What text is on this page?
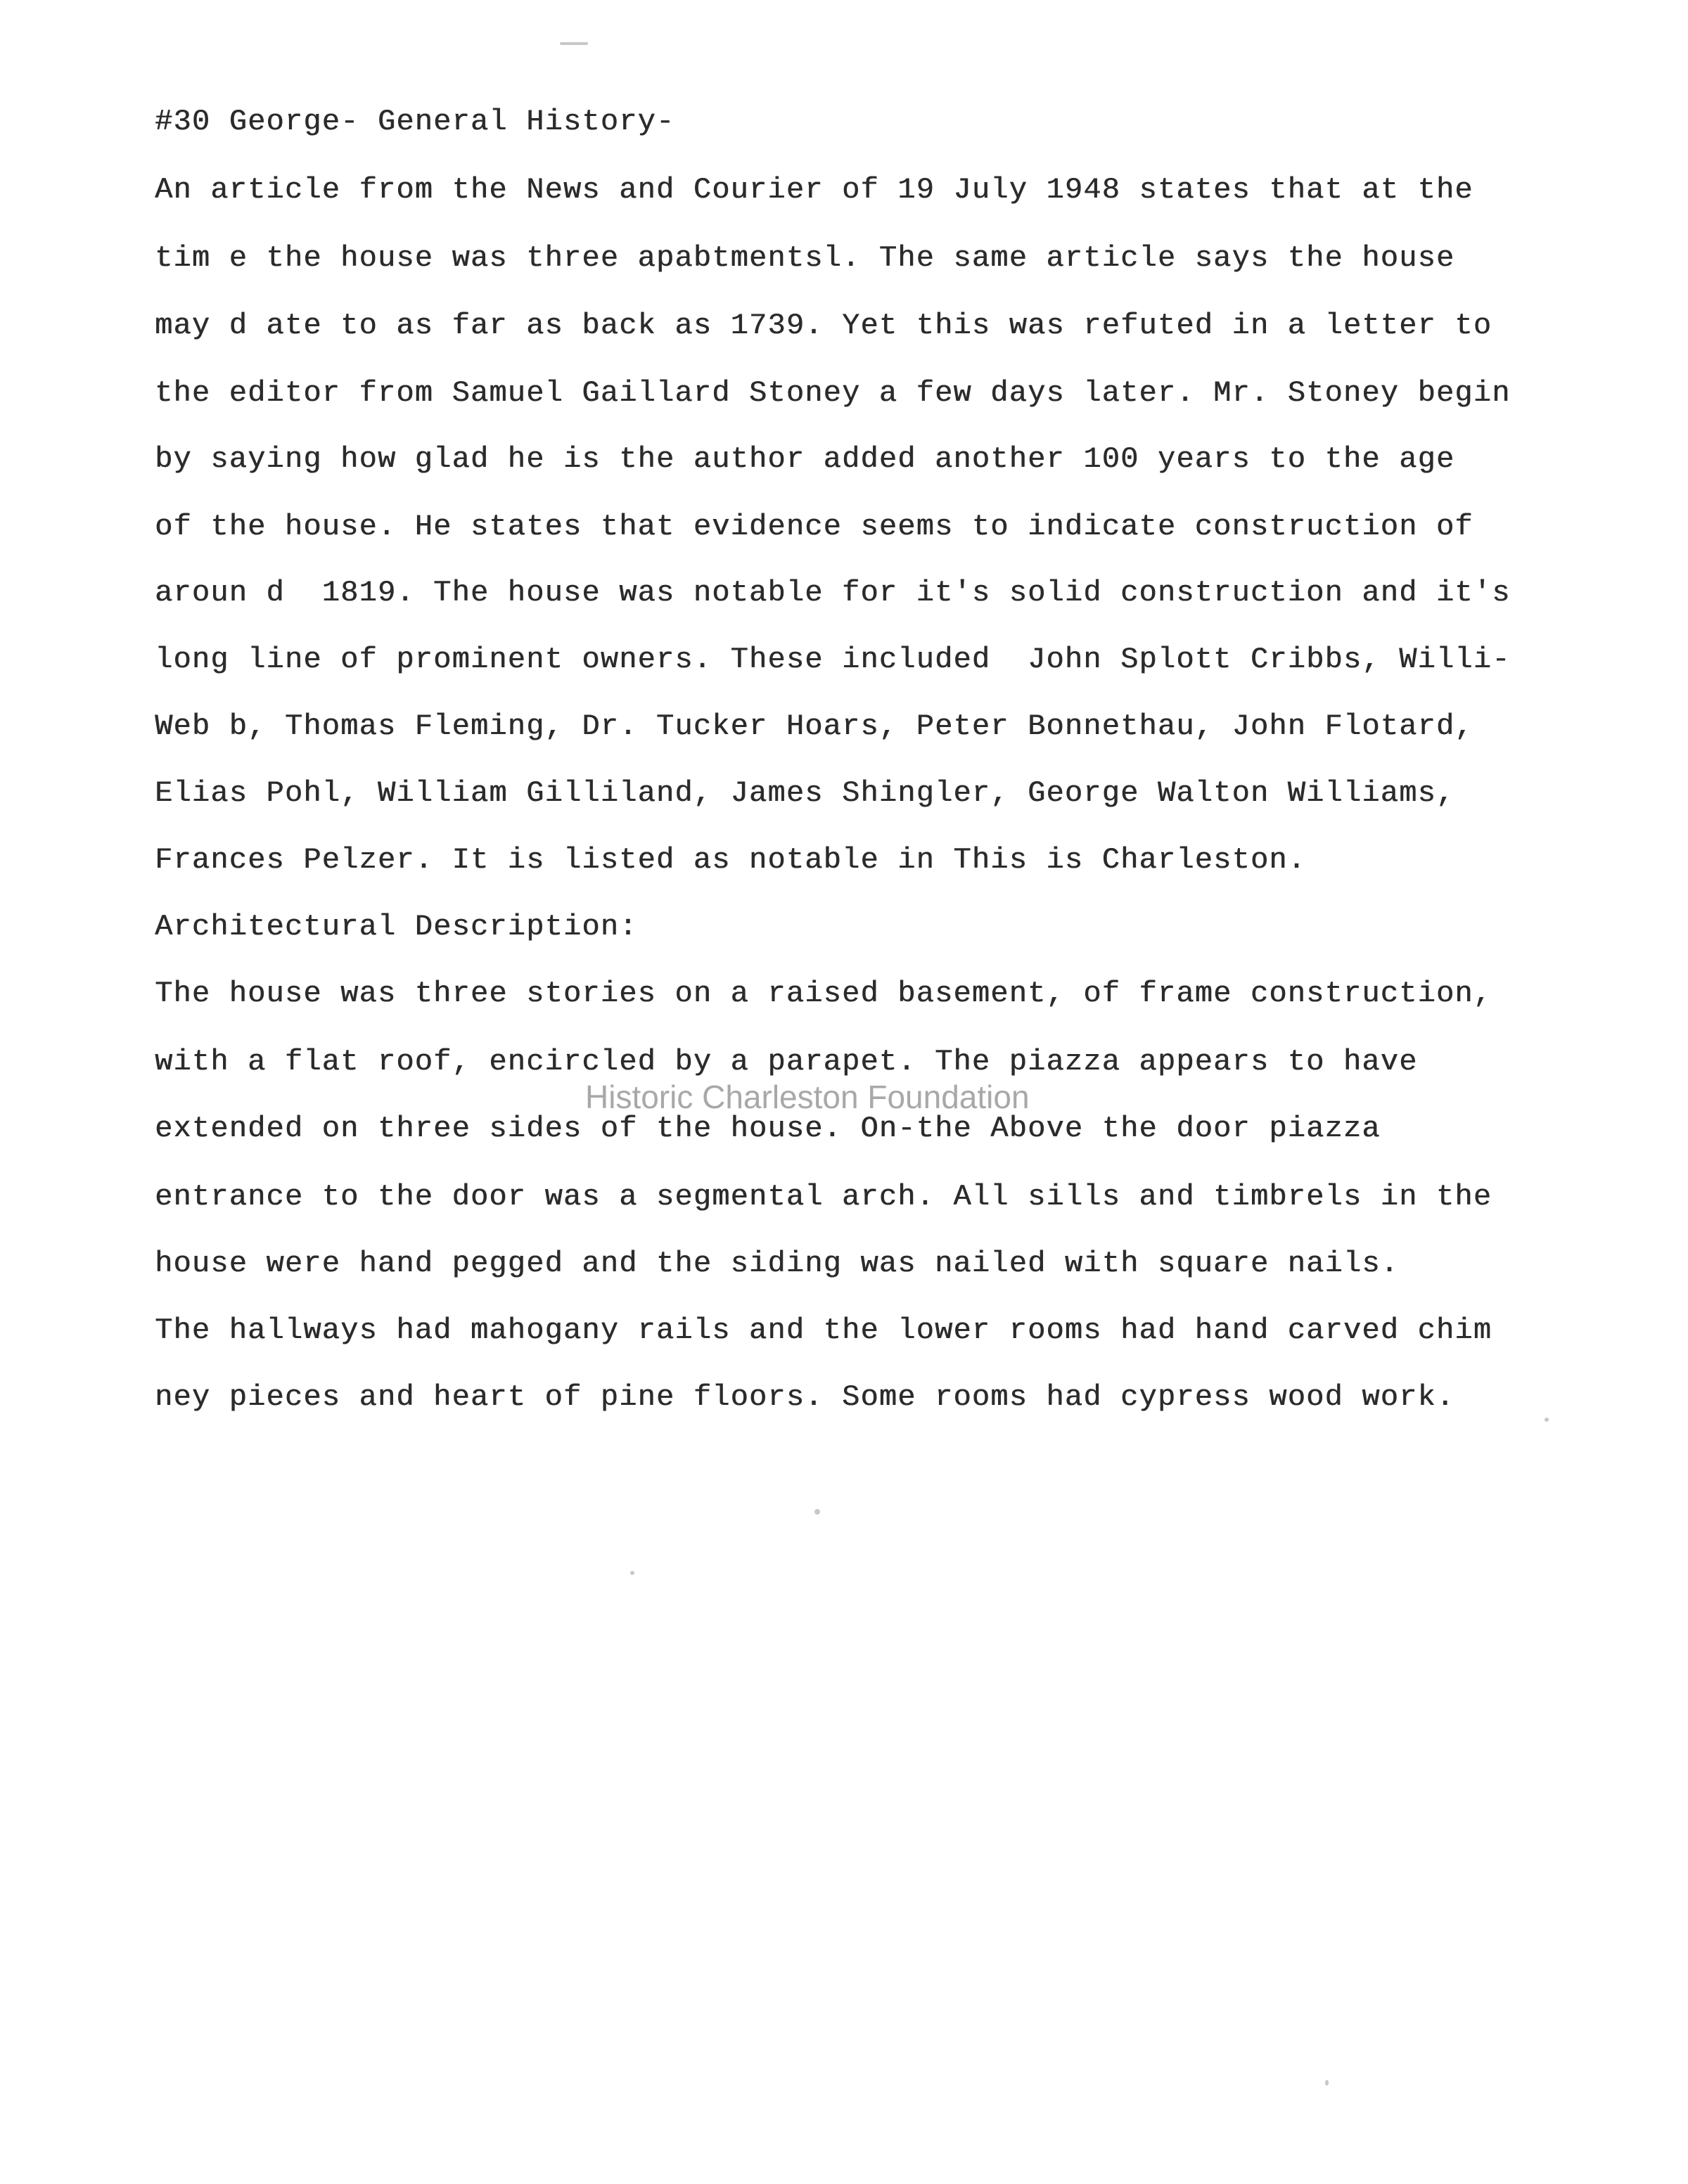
#30 George- General History-
An article from the News and Courier of 19 July 1948 states that at the
tim e the house was three apabtmentsl. The same article says the house
may d ate to as far as back as 1739. Yet this was refuted in a letter to
the editor from Samuel Gaillard Stoney a few days later. Mr. Stoney begin
by saying how glad he is the author added another 100 years to the age
of the house. He states that evidence seems to indicate construction of
aroun d  1819. The house was notable for it's solid construction and it's
long line of prominent owners. These included  John Splott Cribbs, Willi-
Web b, Thomas Fleming, Dr. Tucker Hoars, Peter Bonnethau, John Flotard,
Elias Pohl, William Gilliland, James Shingler, George Walton Williams,
Frances Pelzer. It is listed as notable in This is Charleston.
Architectural Description:
The house was three stories on a raised basement, of frame construction,
with a flat roof, encircled by a parapet. The piazza appears to have
extended on three sides of the house. On-the Above the door piazza
entrance to the door was a segmental arch. All sills and timbrels in the
house were hand pegged and the siding was nailed with square nails.
The hallways had mahogany rails and the lower rooms had hand carved chim
ney pieces and heart of pine floors. Some rooms had cypress wood work.
Historic Charleston Foundation
